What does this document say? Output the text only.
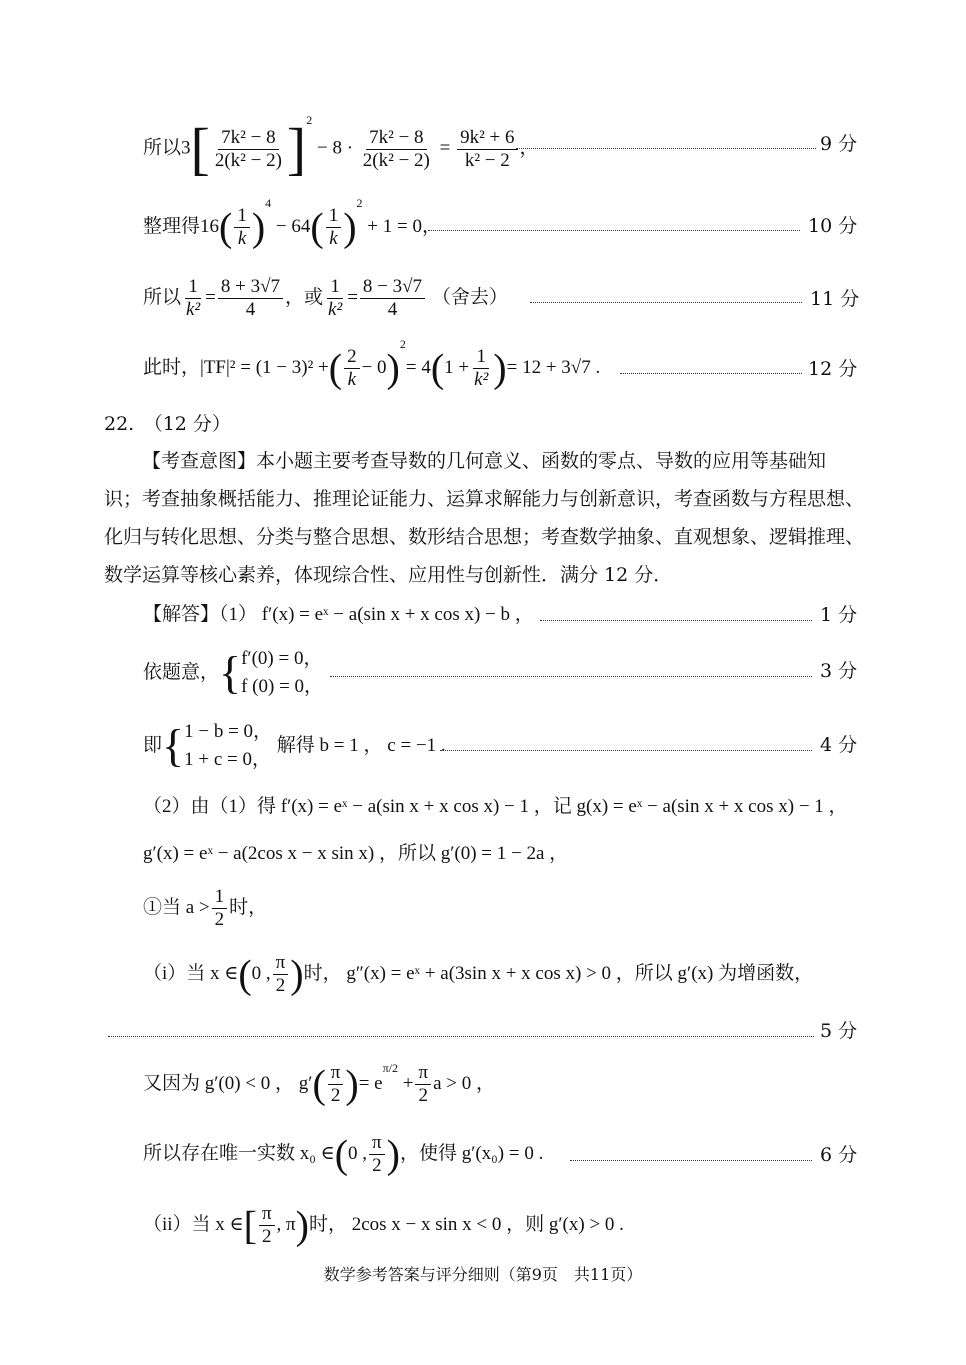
所以$3[ \frac{\text{7k² − 8}}{\text{2(k² − 2)}} ]^2 - 8 \cdot \frac{\text{7k² − 8}}{\text{2(k² − 2)}} = \frac{\text{9k² + 6}}{\text{k² − 2}}$ ，	9 分
整理得$16( \frac{1}{k} )^4 - 64( \frac{1}{k} )^2 + 1 = 0$，	10 分
所以 $\frac{1}{\text{k²}} = \frac{8 + 3√7}{4}$ ，或 $\frac{1}{\text{k²}} = \frac{8 - 3√7}{4}$ （舍去）	11 分
此时，|TF|² = (1 − 3)² +( $\frac{2}{k} - 0)^2= 4(1 + \frac{1}{\text{k²}}$ )= 12 + 3√7 .	12 分
22.　（12 分）
【考查意图】本小题主要考查导数的几何意义、函数的零点、导数的应用等基础知识；考查抽象概括能力、推理论证能力、运算求解能力与创新意识，考查函数与方程思想、化归与转化思想、分类与整合思想、数形结合思想；考查数学抽象、直观想象、逻辑推理、数学运算等核心素养，体现综合性、应用性与创新性．满分 12 分．
【解答】（1） f′(x) = eˣ − a(sin x + x cos x) − b ，	1 分
依题意，{ f′(0) = 0，
f (0) = 0，
3 分
即{ 1 − b = 0，
1 + c = 0，
解得 b = 1 ， c = −1 .	4 分
（2）由（1）得 f′(x) = eˣ − a(sin x + x cos x) − 1 ，记 g(x) = eˣ − a(sin x + x cos x) − 1 ，
g′(x) = eˣ − a(2cos x − x sin x) ，所以 g′(0) = 1 − 2a ，
①当 $a > \frac{1}{2}$ 时，
（i）当 x ∈(0 , $\frac{\pi}{2}$ )时， g″(x) = eˣ + a(3sin x + x cos x) > 0 ，所以 g′(x) 为增函数，
5 分
又因为 g′(0) < 0 ， $g'( \frac{\pi}{2}$ )= $e^{\pi/2} + \frac{\pi}{2}$ a > 0 ，
所以存在唯一实数 x₀ ∈(0 , $\frac{\pi}{2}$ )，使得 g′(x₀) = 0 .	6 分
（ii）当 x ∈[ $\frac{\pi}{2}$ , π)时， 2cos x − x sin x < 0 ，则 g′(x) > 0 .
数学参考答案与评分细则（第9页　共11页）
